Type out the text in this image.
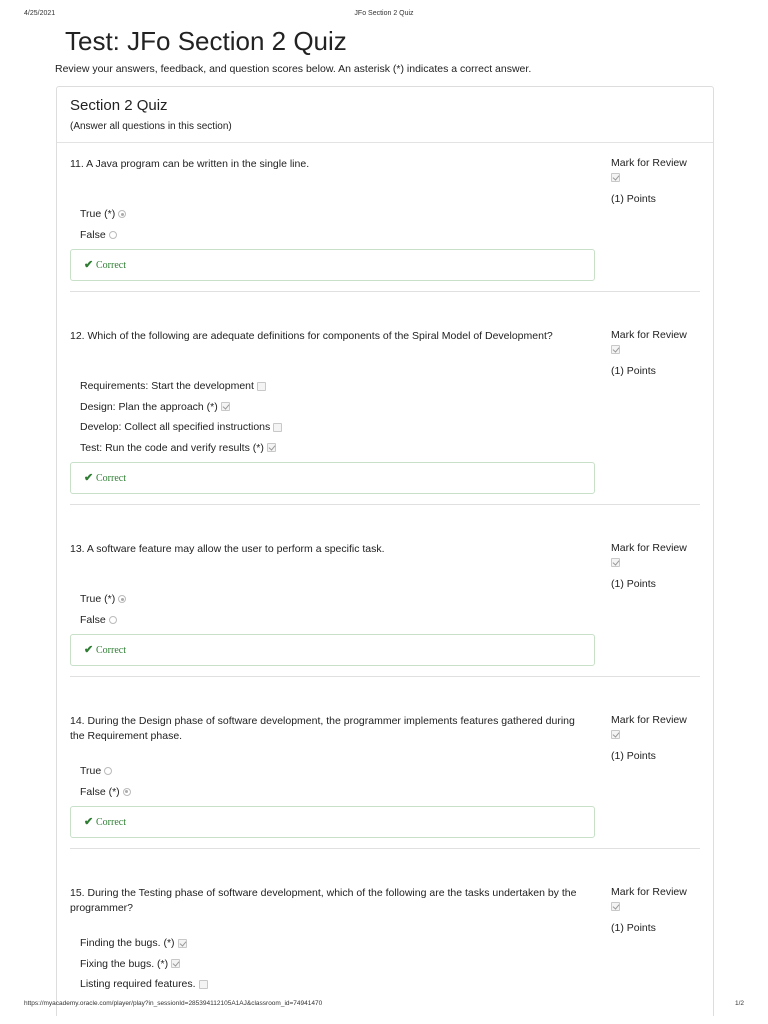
4/25/2021	JFo Section 2 Quiz
Test: JFo Section 2 Quiz

Review your answers, feedback, and question scores below. An asterisk (*) indicates a correct answer.

Section 2 Quiz
(Answer all questions in this section)
11. A Java program can be written in the single line.	Mark for Review
(1) Points
True (*)
False
✔ Correct
12. Which of the following are adequate definitions for components of the Spiral Model of Development?	Mark for Review
(1) Points
Requirements: Start the development
Design: Plan the approach (*)
Develop: Collect all specified instructions
Test: Run the code and verify results (*)
✔ Correct
13. A software feature may allow the user to perform a specific task.	Mark for Review
(1) Points
True (*)
False
✔ Correct
14. During the Design phase of software development, the programmer implements features gathered during the Requirement phase.
Mark for Review
(1) Points
True
False (*)
✔ Correct
15. During the Testing phase of software development, which of the following are the tasks undertaken by the programmer?
Mark for Review
(1) Points
Finding the bugs. (*)
Fixing the bugs. (*)
Listing required features.
https://myacademy.oracle.com/player/play?in_sessionId=285394112105A1AJ&classroom_id=74941470	1/2
